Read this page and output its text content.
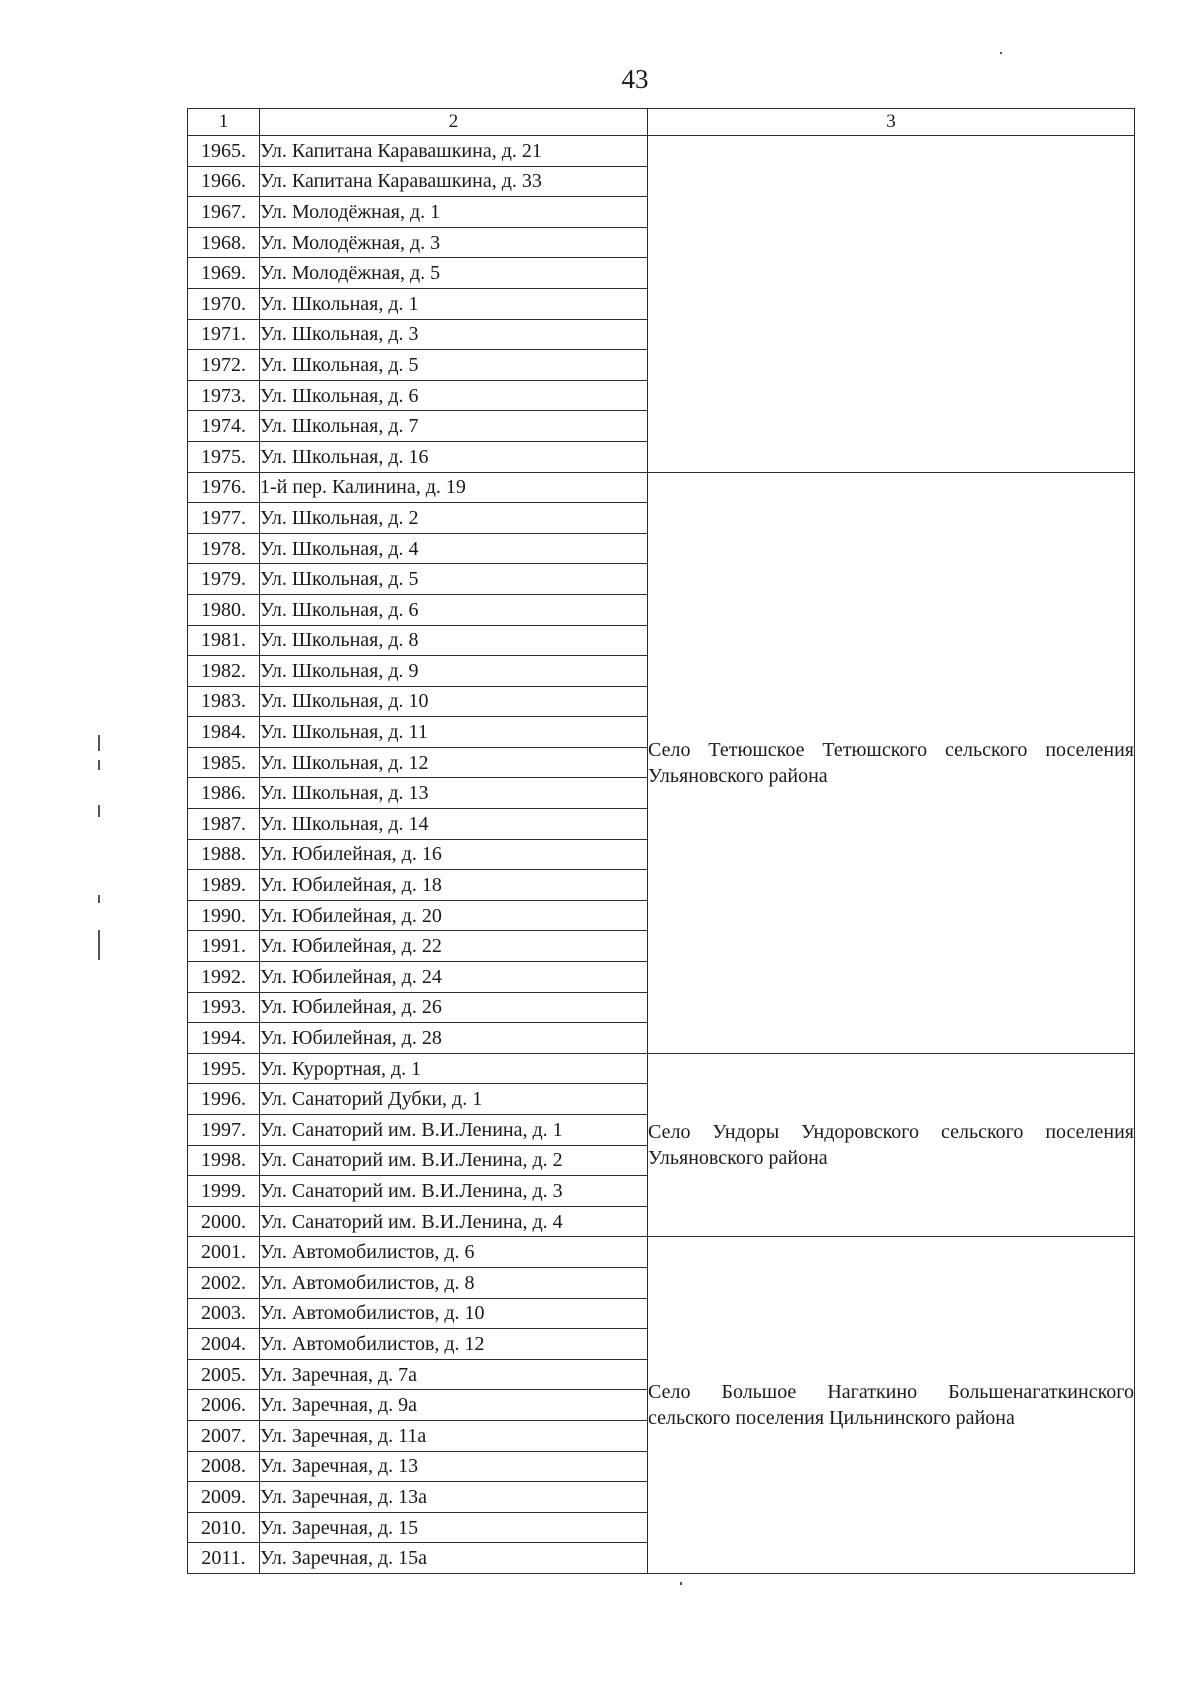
43
1	2	3
1965.	Ул. Капитана Каравашкина, д. 21	
1966.	Ул. Капитана Каравашкина, д. 33	
1967.	Ул. Молодёжная, д. 1	
1968.	Ул. Молодёжная, д. 3	
1969.	Ул. Молодёжная, д. 5	
1970.	Ул. Школьная, д. 1	
1971.	Ул. Школьная, д. 3	
1972.	Ул. Школьная, д. 5	
1973.	Ул. Школьная, д. 6	
1974.	Ул. Школьная, д. 7	
1975.	Ул. Школьная, д. 16	
1976.	1-й пер. Калинина, д. 19	Село Тетюшское Тетюшского сельского поселения Ульяновского района
1977.	Ул. Школьная, д. 2	
1978.	Ул. Школьная, д. 4	
1979.	Ул. Школьная, д. 5	
1980.	Ул. Школьная, д. 6	
1981.	Ул. Школьная, д. 8	
1982.	Ул. Школьная, д. 9	
1983.	Ул. Школьная, д. 10	
1984.	Ул. Школьная, д. 11	
1985.	Ул. Школьная, д. 12	
1986.	Ул. Школьная, д. 13	
1987.	Ул. Школьная, д. 14	
1988.	Ул. Юбилейная, д. 16	
1989.	Ул. Юбилейная, д. 18	
1990.	Ул. Юбилейная, д. 20	
1991.	Ул. Юбилейная, д. 22	
1992.	Ул. Юбилейная, д. 24	
1993.	Ул. Юбилейная, д. 26	
1994.	Ул. Юбилейная, д. 28	
1995.	Ул. Курортная, д. 1	Село Ундоры Ундоровского сельского поселения Ульяновского района
1996.	Ул. Санаторий Дубки, д. 1	
1997.	Ул. Санаторий им. В.И.Ленина, д. 1	
1998.	Ул. Санаторий им. В.И.Ленина, д. 2	
1999.	Ул. Санаторий им. В.И.Ленина, д. 3	
2000.	Ул. Санаторий им. В.И.Ленина, д. 4	
2001.	Ул. Автомобилистов, д. 6	Село Большое Нагаткино Большенагаткинского сельского поселения Цильнинского района
2002.	Ул. Автомобилистов, д. 8	
2003.	Ул. Автомобилистов, д. 10	
2004.	Ул. Автомобилистов, д. 12	
2005.	Ул. Заречная, д. 7а	
2006.	Ул. Заречная, д. 9а	
2007.	Ул. Заречная, д. 11а	
2008.	Ул. Заречная, д. 13	
2009.	Ул. Заречная, д. 13а	
2010.	Ул. Заречная, д. 15	
2011.	Ул. Заречная, д. 15а	
